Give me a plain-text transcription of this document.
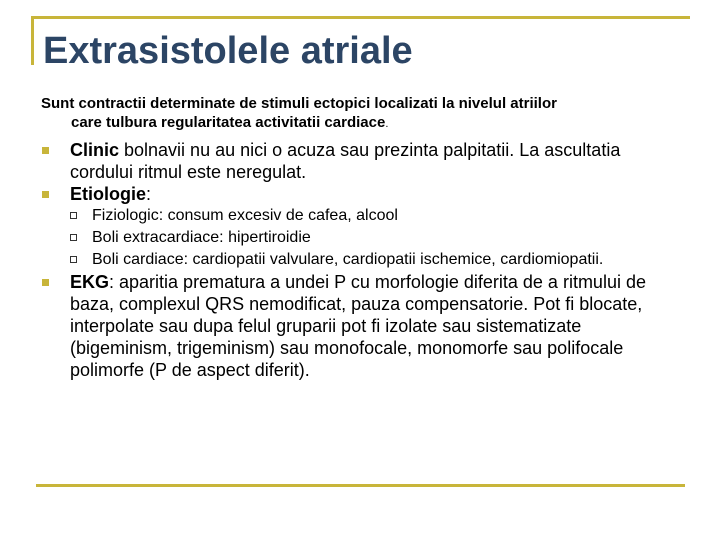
Extrasistolele atriale
Sunt contractii determinate de stimuli ectopici localizati la nivelul atriilor
care tulbura regularitatea activitatii cardiace.
Clinic bolnavii nu au nici o acuza sau prezinta palpitatii. La ascultatia cordului ritmul este neregulat.
Etiologie:
Fiziologic: consum excesiv de cafea, alcool
Boli extracardiace: hipertiroidie
Boli cardiace: cardiopatii valvulare, cardiopatii ischemice, cardiomiopatii.
EKG: aparitia prematura a undei P cu morfologie diferita de a ritmului de baza, complexul QRS nemodificat, pauza compensatorie. Pot fi blocate, interpolate sau dupa felul gruparii pot fi izolate sau sistematizate (bigeminism, trigeminism) sau monofocale, monomorfe sau polifocale polimorfe (P de aspect diferit).
